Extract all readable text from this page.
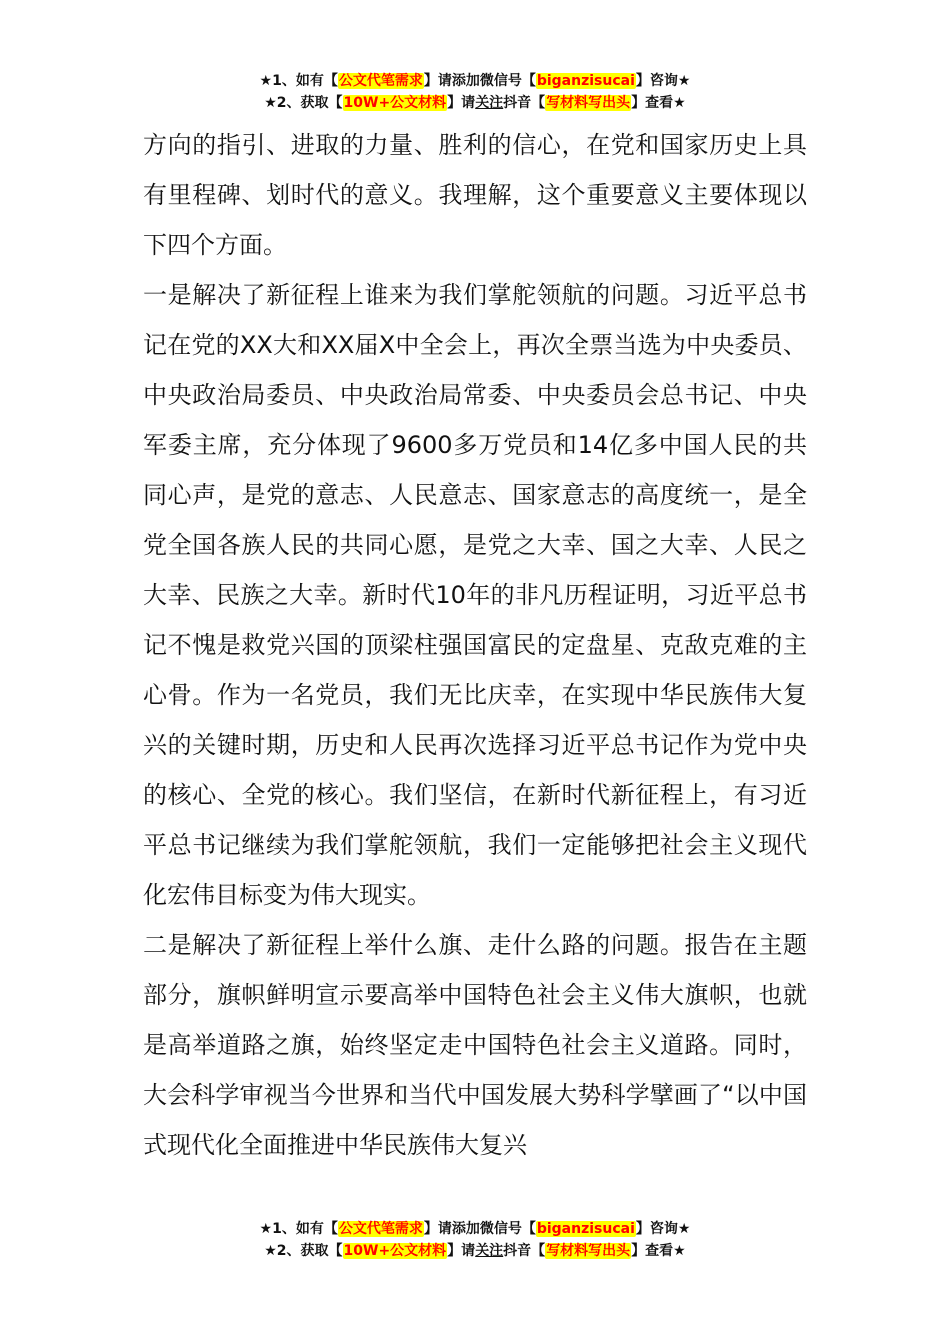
★1、如有【公文代笔需求】请添加微信号【biganzisucai】咨询★
★2、获取【10W+公文材料】请关注抖音【写材料写出头】查看★

方向的指引、进取的力量、胜利的信心，在党和国家历史上具有里程碑、划时代的意义。我理解，这个重要意义主要体现以下四个方面。

一是解决了新征程上谁来为我们掌舵领航的问题。习近平总书记在党的XX大和XX届X中全会上，再次全票当选为中央委员、中央政治局委员、中央政治局常委、中央委员会总书记、中央军委主席，充分体现了9600多万党员和14亿多中国人民的共同心声，是党的意志、人民意志、国家意志的高度统一，是全党全国各族人民的共同心愿，是党之大幸、国之大幸、人民之大幸、民族之大幸。新时代10年的非凡历程证明，习近平总书记不愧是救党兴国的顶梁柱强国富民的定盘星、克敌克难的主心骨。作为一名党员，我们无比庆幸，在实现中华民族伟大复兴的关键时期，历史和人民再次选择习近平总书记作为党中央的核心、全党的核心。我们坚信，在新时代新征程上，有习近平总书记继续为我们掌舵领航，我们一定能够把社会主义现代化宏伟目标变为伟大现实。

二是解决了新征程上举什么旗、走什么路的问题。报告在主题部分，旗帜鲜明宣示要高举中国特色社会主义伟大旗帜，也就是高举道路之旗，始终坚定走中国特色社会主义道路。同时，大会科学审视当今世界和当代中国发展大势科学擘画了“以中国式现代化全面推进中华民族伟大复兴

★1、如有【公文代笔需求】请添加微信号【biganzisucai】咨询★
★2、获取【10W+公文材料】请关注抖音【写材料写出头】查看★
